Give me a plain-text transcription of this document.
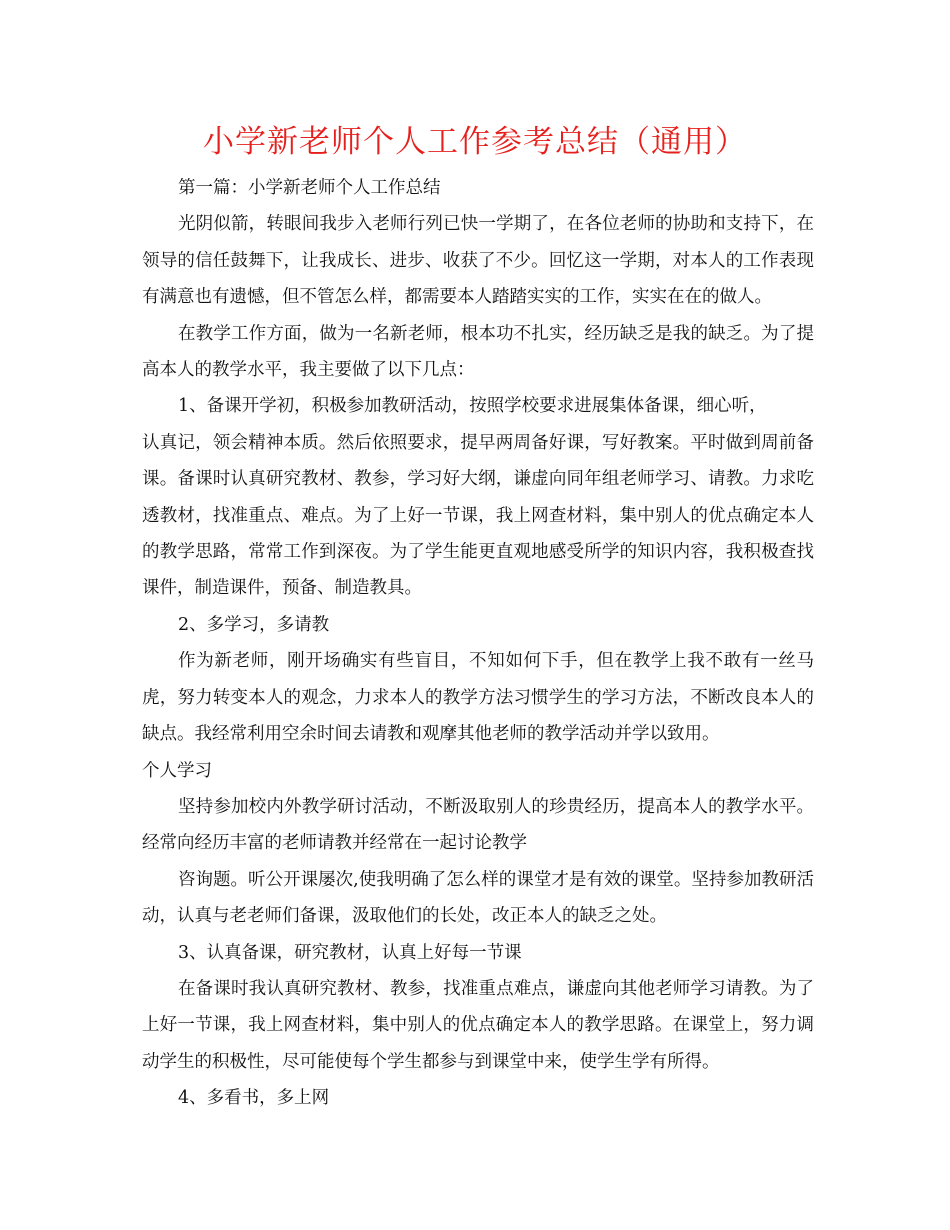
小学新老师个人工作参考总结（通用）

第一篇：小学新老师个人工作总结

光阴似箭，转眼间我步入老师行列已快一学期了，在各位老师的协助和支持下，在领导的信任鼓舞下，让我成长、进步、收获了不少。回忆这一学期，对本人的工作表现有满意也有遗憾，但不管怎么样，都需要本人踏踏实实的工作，实实在在的做人。

在教学工作方面，做为一名新老师，根本功不扎实，经历缺乏是我的缺乏。为了提高本人的教学水平，我主要做了以下几点：

1、备课开学初，积极参加教研活动，按照学校要求进展集体备课，细心听，

认真记，领会精神本质。然后依照要求，提早两周备好课，写好教案。平时做到周前备课。备课时认真研究教材、教参，学习好大纲，谦虚向同年组老师学习、请教。力求吃透教材，找准重点、难点。为了上好一节课，我上网查材料，集中别人的优点确定本人的教学思路，常常工作到深夜。为了学生能更直观地感受所学的知识内容，我积极查找课件，制造课件，预备、制造教具。

2、多学习，多请教

作为新老师，刚开场确实有些盲目，不知如何下手，但在教学上我不敢有一丝马虎，努力转变本人的观念，力求本人的教学方法习惯学生的学习方法，不断改良本人的缺点。我经常利用空余时间去请教和观摩其他老师的教学活动并学以致用。

个人学习

坚持参加校内外教学研讨活动，不断汲取别人的珍贵经历，提高本人的教学水平。经常向经历丰富的老师请教并经常在一起讨论教学

咨询题。听公开课屡次,使我明确了怎么样的课堂才是有效的课堂。坚持参加教研活动，认真与老老师们备课，汲取他们的长处，改正本人的缺乏之处。

3、认真备课，研究教材，认真上好每一节课

在备课时我认真研究教材、教参，找准重点难点，谦虚向其他老师学习请教。为了上好一节课，我上网查材料，集中别人的优点确定本人的教学思路。在课堂上，努力调动学生的积极性，尽可能使每个学生都参与到课堂中来，使学生学有所得。

4、多看书，多上网
